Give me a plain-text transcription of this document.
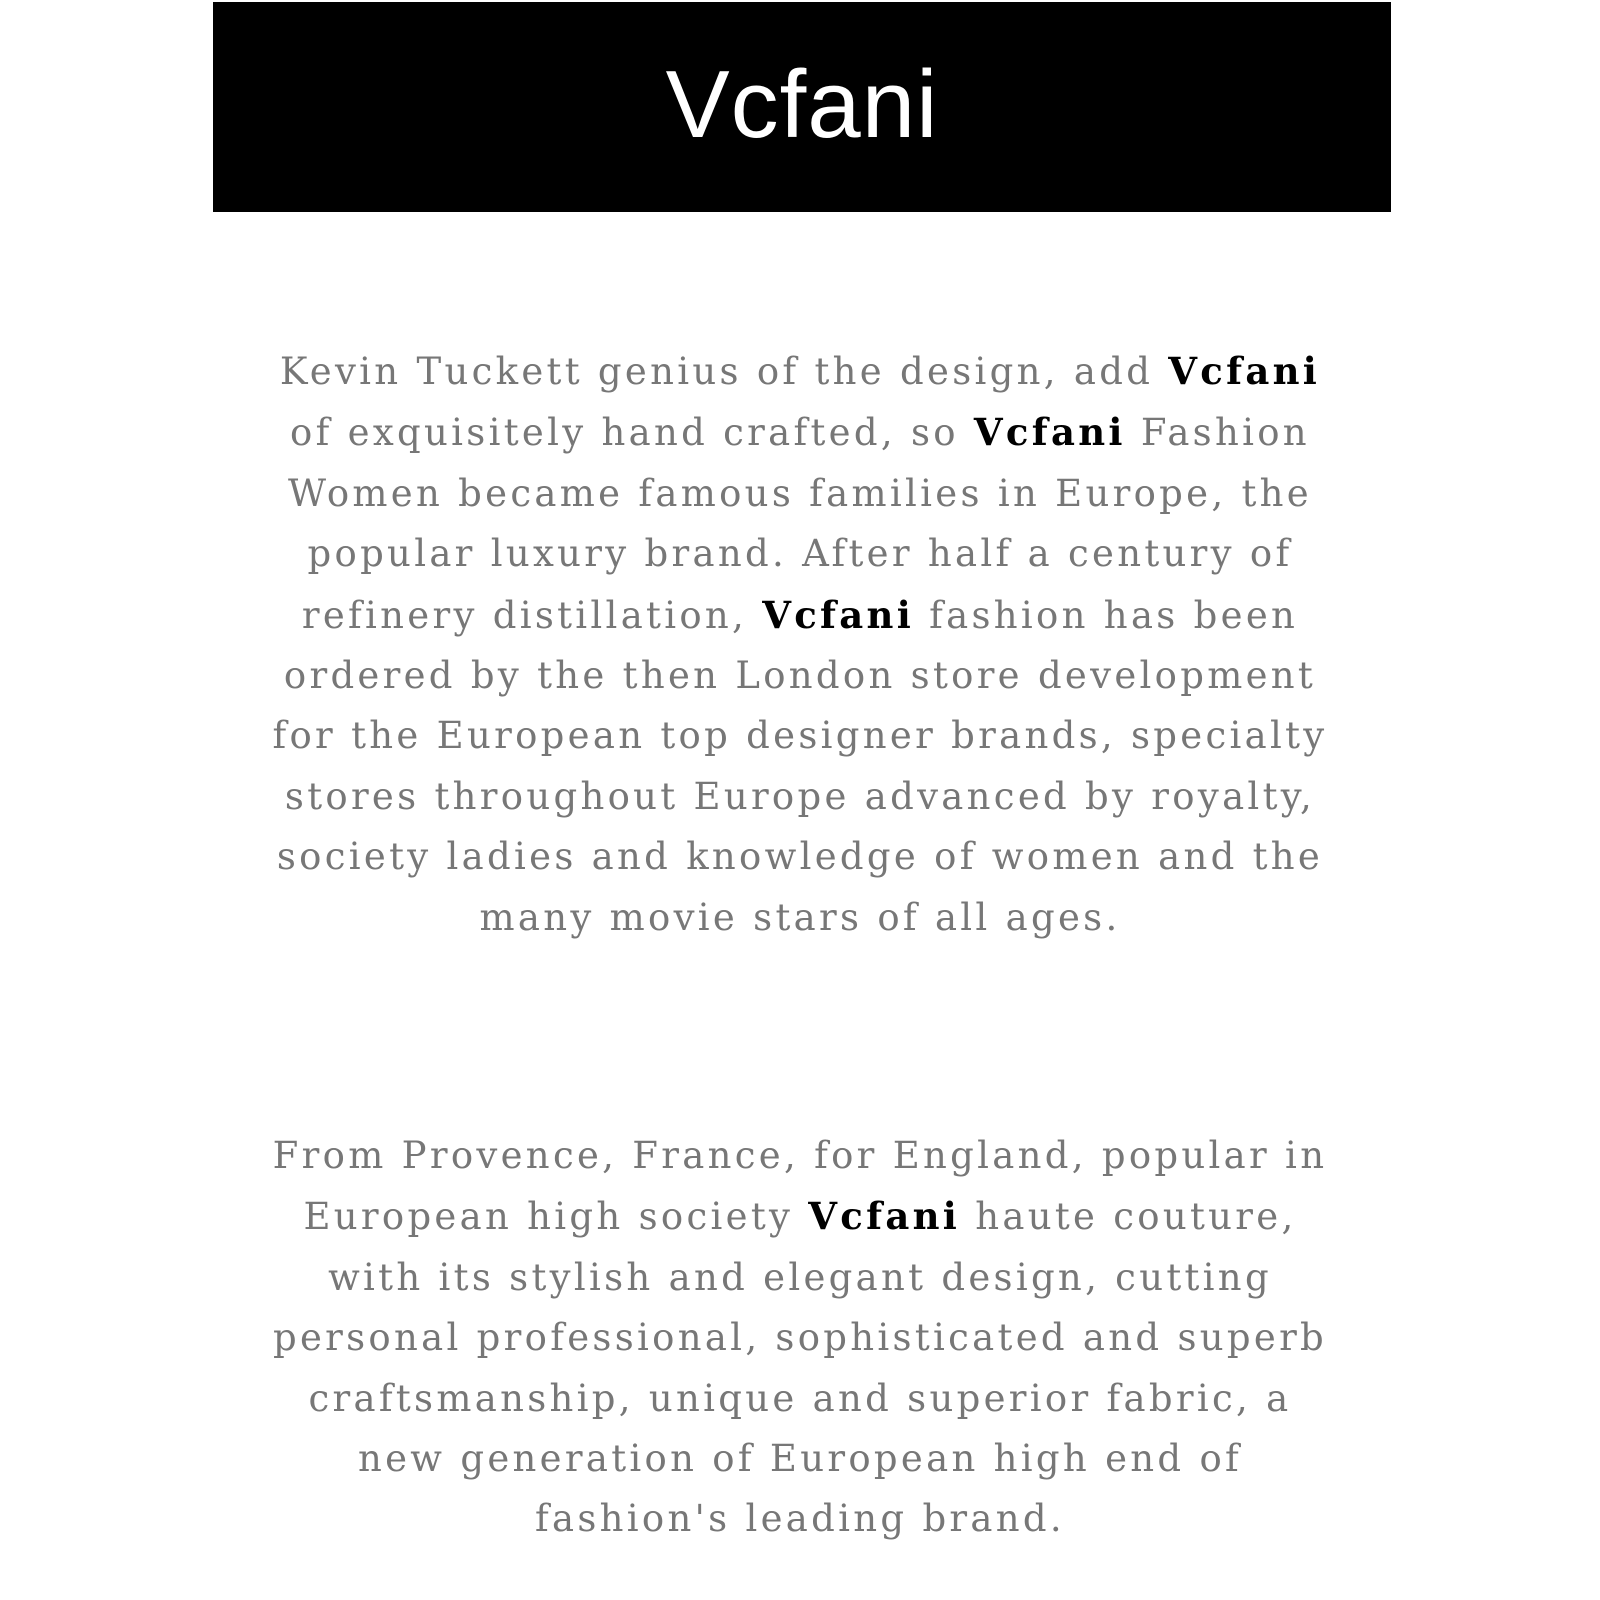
Vcfani

Kevin Tuckett genius of the design, add Vcfani of exquisitely hand crafted, so Vcfani Fashion Women became famous families in Europe, the popular luxury brand. After half a century of refinery distillation, Vcfani fashion has been ordered by the then London store development for the European top designer brands, specialty stores throughout Europe advanced by royalty, society ladies and knowledge of women and the many movie stars of all ages.

From Provence, France, for England, popular in European high society Vcfani haute couture, with its stylish and elegant design, cutting personal professional, sophisticated and superb craftsmanship, unique and superior fabric, a new generation of European high end of fashion's leading brand.
